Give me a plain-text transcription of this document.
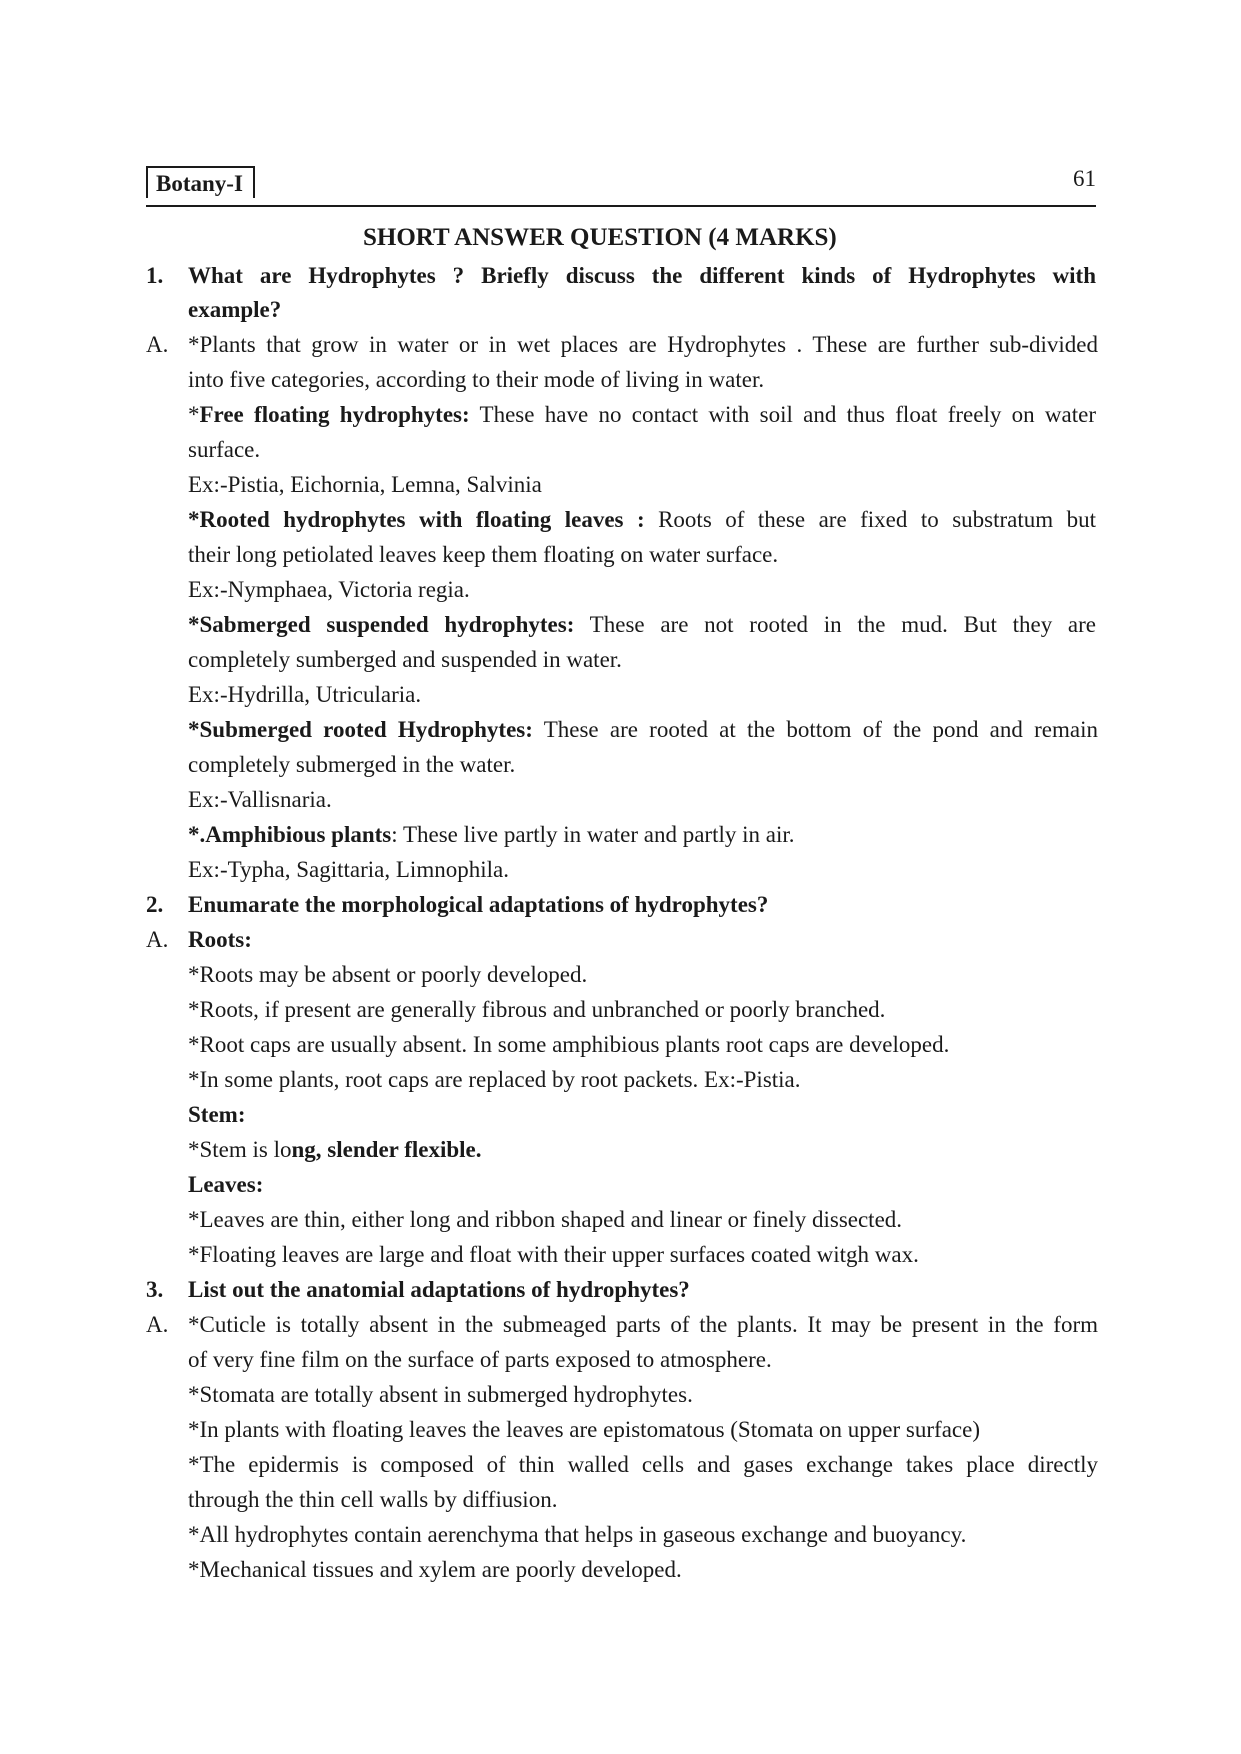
Botany-I	61
SHORT ANSWER QUESTION (4 MARKS)
1. What are Hydrophytes ? Briefly discuss the different kinds of Hydrophytes with
example?
A. *Plants that grow in water or in wet places are Hydrophytes . These are further sub-divided
into five categories, according to their mode of living in water.
*Free floating hydrophytes: These have no contact with soil and thus float freely on water
surface.
Ex:-Pistia, Eichornia, Lemna, Salvinia
*Rooted hydrophytes with floating leaves : Roots of these are fixed to substratum but
their long petiolated leaves keep them floating on water surface.
Ex:-Nymphaea, Victoria regia.
*Sabmerged suspended hydrophytes: These are not rooted in the mud. But they are
completely sumberged and suspended in water.
Ex:-Hydrilla, Utricularia.
*Submerged rooted Hydrophytes: These are rooted at the bottom of the pond and remain
completely submerged in the water.
Ex:-Vallisnaria.
*.Amphibious plants: These live partly in water and partly in air.
Ex:-Typha, Sagittaria, Limnophila.
2. Enumarate the morphological adaptations of hydrophytes?
A. Roots:
*Roots may be absent or poorly developed.
*Roots, if present are generally fibrous and unbranched or poorly branched.
*Root caps are usually absent. In some amphibious plants root caps are developed.
*In some plants, root caps are replaced by root packets. Ex:-Pistia.
Stem:
*Stem is long, slender flexible.
Leaves:
*Leaves are thin, either long and ribbon shaped and linear or finely dissected.
*Floating leaves are large and float with their upper surfaces coated witgh wax.
3. List out the anatomial adaptations of hydrophytes?
A. *Cuticle is totally absent in the submeaged parts of the plants. It may be present in the form
of very fine film on the surface of parts exposed to atmosphere.
*Stomata are totally absent in submerged hydrophytes.
*In plants with floating leaves the leaves are epistomatous (Stomata on upper surface)
*The epidermis is composed of thin walled cells and gases exchange takes place directly
through the thin cell walls by diffiusion.
*All hydrophytes contain aerenchyma that helps in gaseous exchange and buoyancy.
*Mechanical tissues and xylem are poorly developed.
